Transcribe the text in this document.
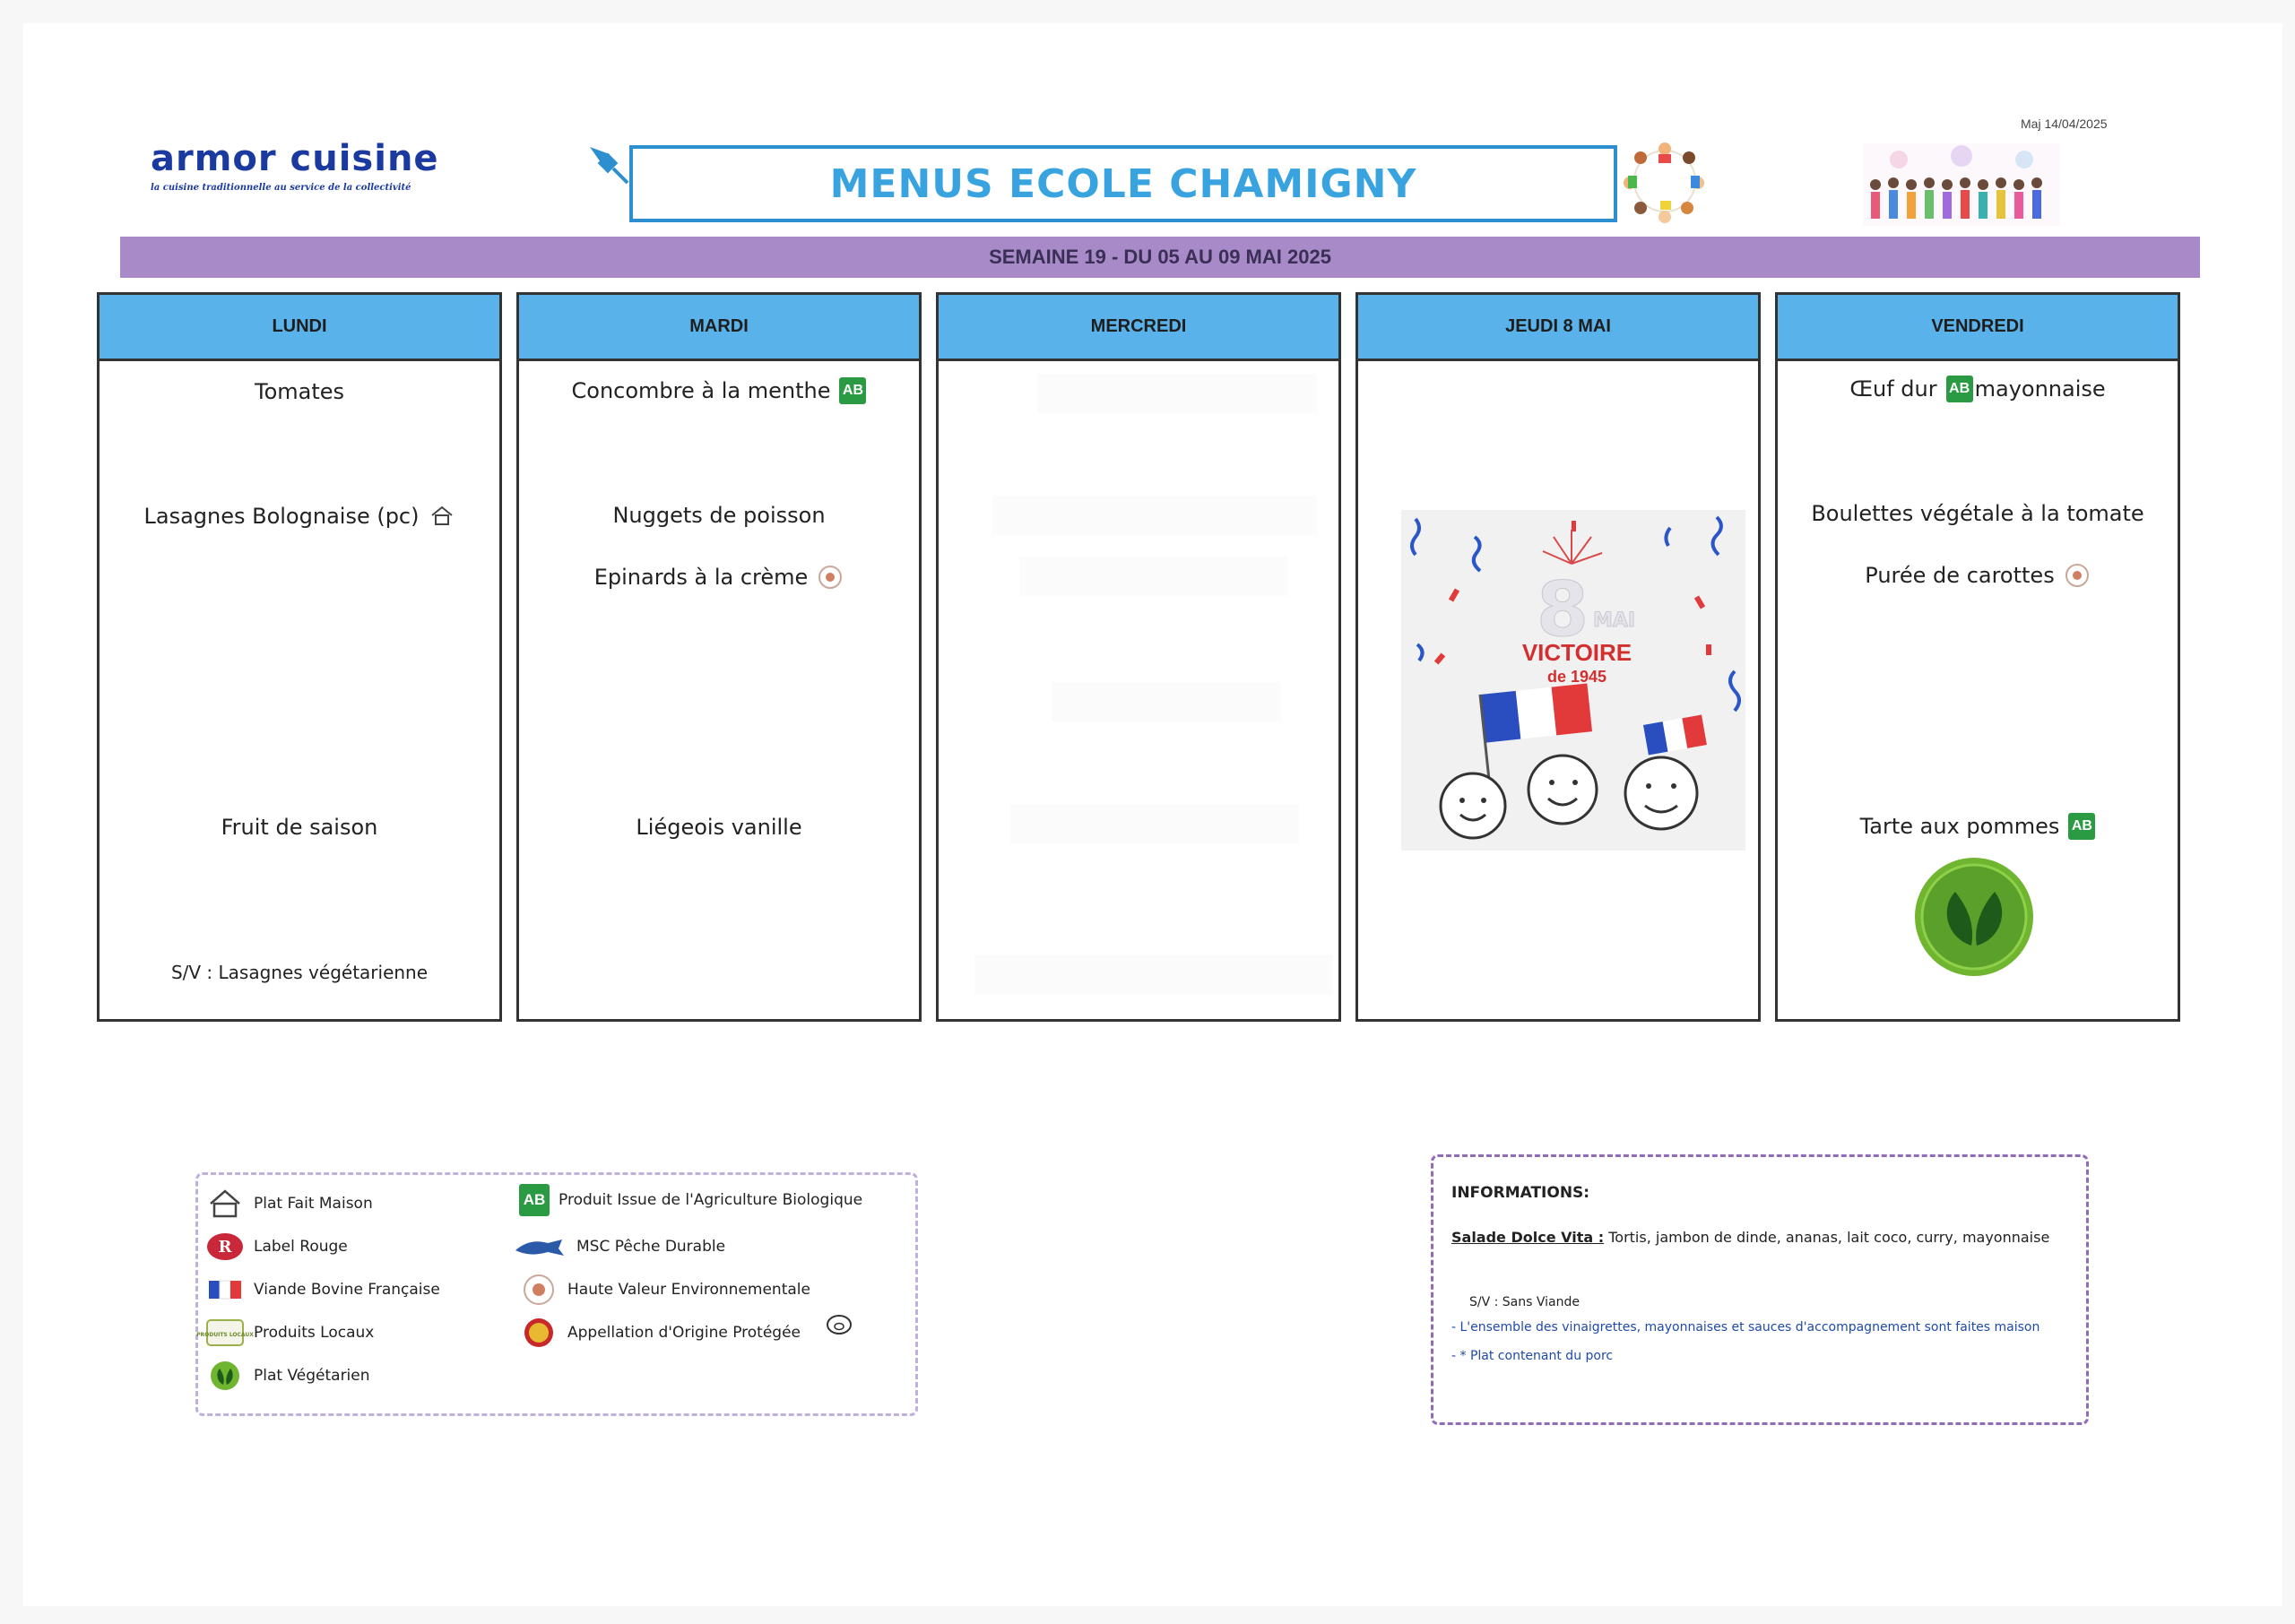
armor cuisine
la cuisine traditionnelle au service de la collectivité
Maj 14/04/2025
MENUS ECOLE CHAMIGNY
SEMAINE 19 - DU 05 AU 09 MAI 2025
LUNDI
Tomates
Lasagnes Bolognaise (pc)
Fruit de saison
S/V : Lasagnes végétarienne
MARDI
Concombre à la menthe AB
Nuggets de poisson
Epinards à la crème
Liégeois vanille
MERCREDI	JEUDI 8 MAI
8 MAI
VICTOIRE
de 1945
VENDREDI
Œuf dur AB mayonnaise
Boulettes végétale à la tomate
Purée de carottes
Tarte aux pommes AB
Plat Fait Maison
R Label Rouge
Viande Bovine Française
PRODUITS LOCAUX Produits Locaux
Plat Végétarien
AB Produit Issue de l'Agriculture Biologique
MSC Pêche Durable
Haute Valeur Environnementale
Appellation d'Origine Protégée
INFORMATIONS:
Salade Dolce Vita : Tortis, jambon de dinde, ananas, lait coco, curry, mayonnaise
S/V : Sans Viande
- L'ensemble des vinaigrettes, mayonnaises et sauces d'accompagnement sont faites maison
- * Plat contenant du porc
